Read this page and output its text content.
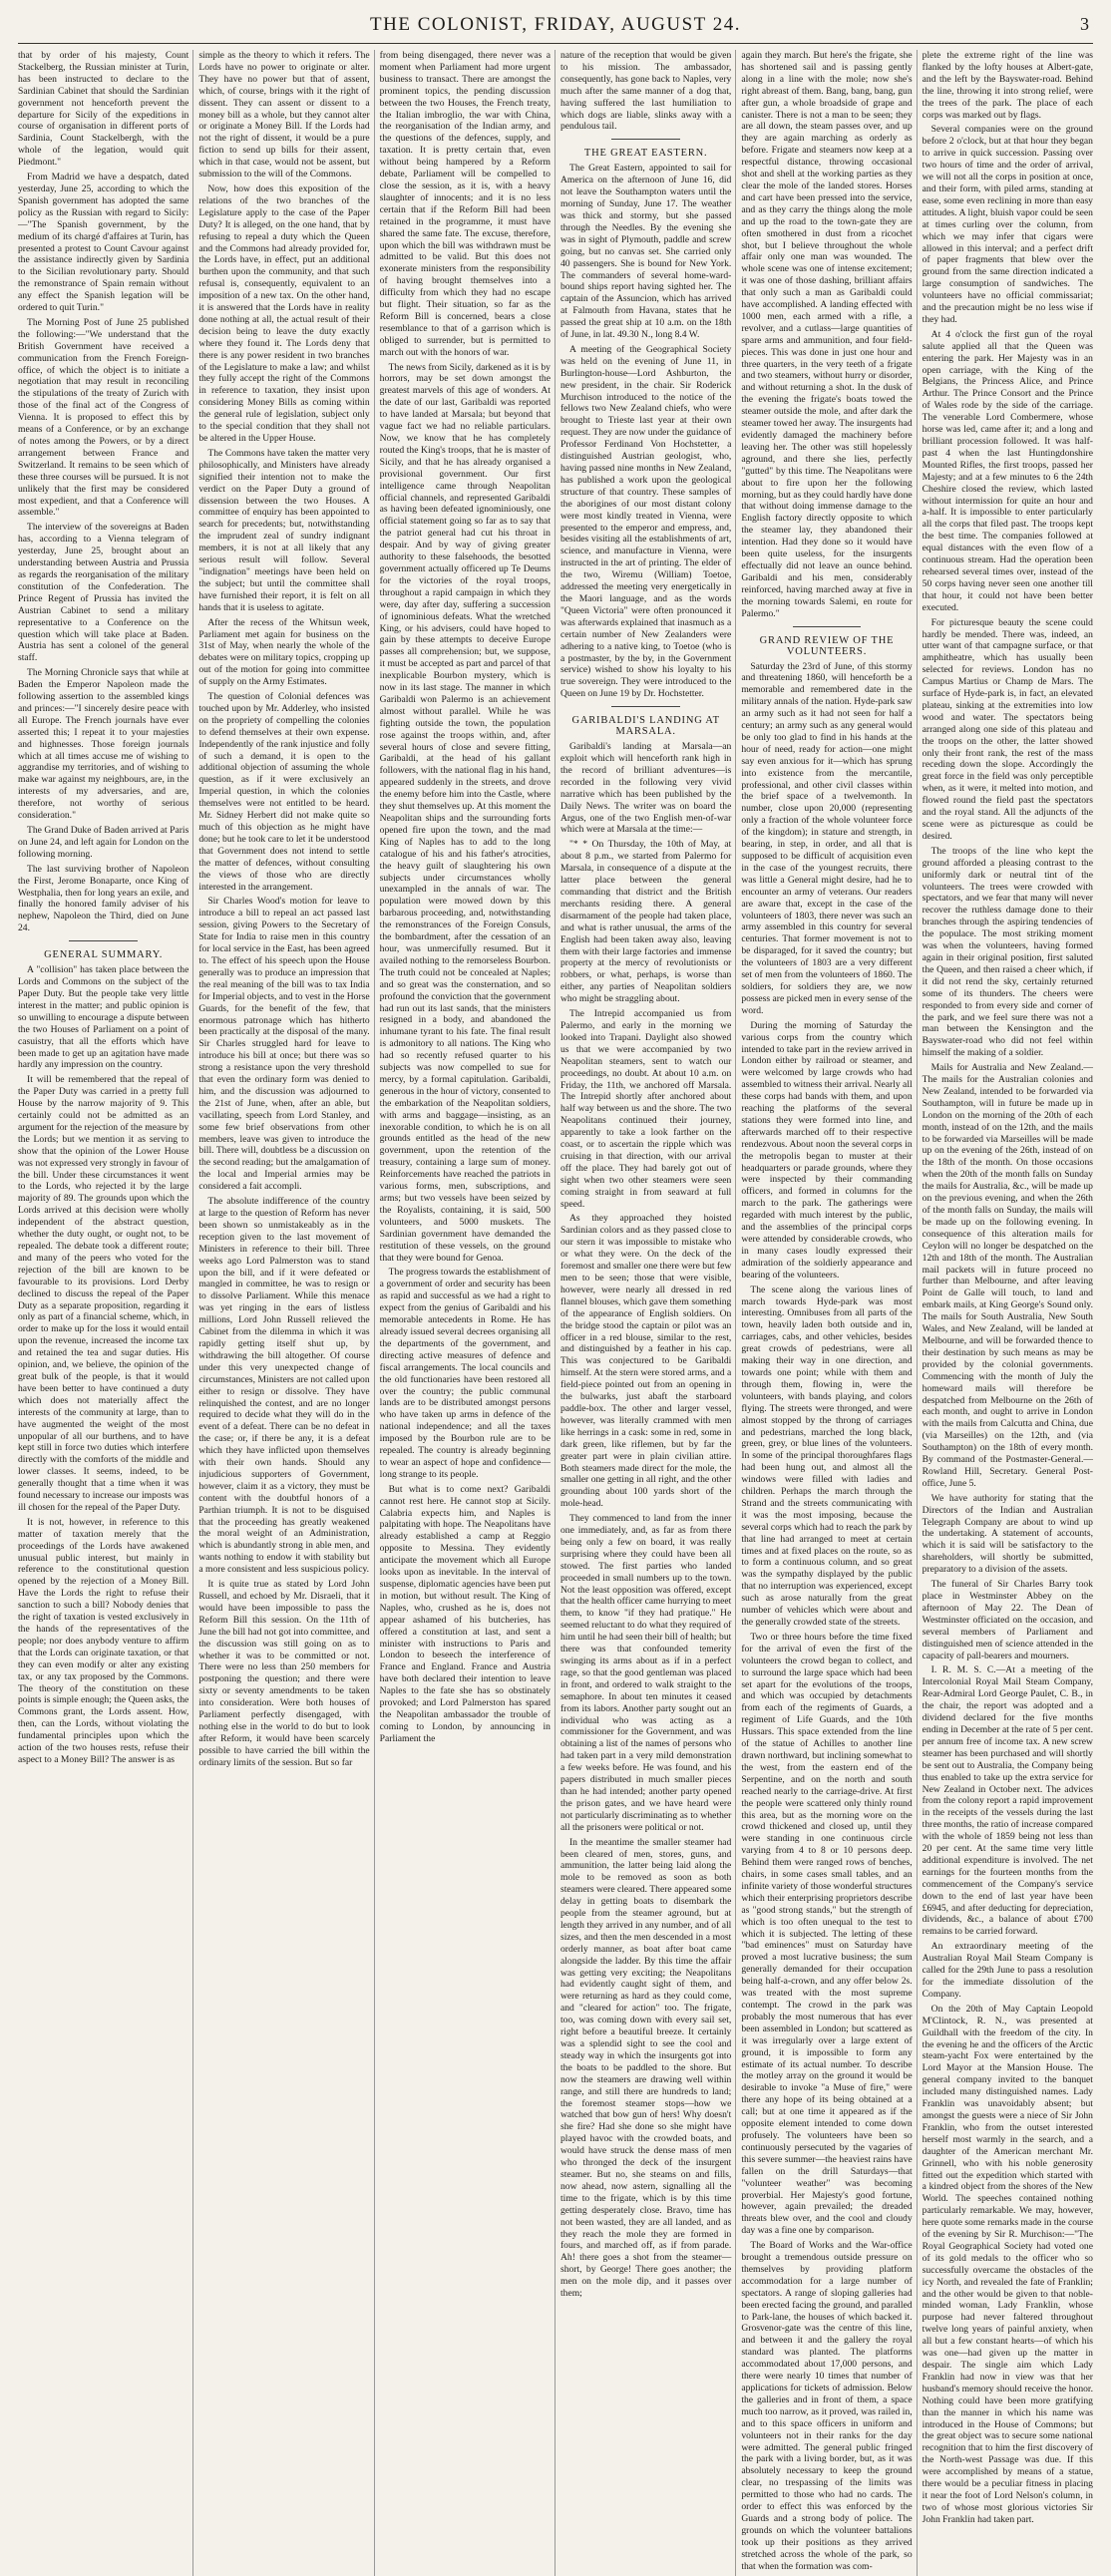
THE COLONIST, FRIDAY, AUGUST 24.	3

that by order of his majesty, Count Stackelberg, the Russian minister at Turin, has been instructed to declare to the Sardinian Cabinet that should the Sardinian government not henceforth prevent the departure for Sicily of the expeditions in course of organisation in different ports of Sardinia, Count Stackelbergh, with the whole of the legation, would quit Piedmont."

From Madrid we have a despatch, dated yesterday, June 25, according to which the Spanish government has adopted the same policy as the Russian with regard to Sicily:—"The Spanish government, by the medium of its chargé d'affaires at Turin, has presented a protest to Count Cavour against the assistance indirectly given by Sardinia to the Sicilian revolutionary party. Should the remonstrance of Spain remain without any effect the Spanish legation will be ordered to quit Turin."

The Morning Post of June 25 published the following:—"We understand that the British Government have received a communication from the French Foreign-office, of which the object is to initiate a negotiation that may result in reconciling the stipulations of the treaty of Zurich with those of the final act of the Congress of Vienna. It is proposed to effect this by means of a Conference, or by an exchange of notes among the Powers, or by a direct arrangement between France and Switzerland. It remains to be seen which of these three courses will be pursued. It is not unlikely that the first may be considered most expedient, and that a Conference will assemble."

The interview of the sovereigns at Baden has, according to a Vienna telegram of yesterday, June 25, brought about an understanding between Austria and Prussia as regards the reorganisation of the military constitution of the Confederation. The Prince Regent of Prussia has invited the Austrian Cabinet to send a military representative to a Conference on the question which will take place at Baden. Austria has sent a colonel of the general staff.

The Morning Chronicle says that while at Baden the Emperor Napoleon made the following assertion to the assembled kings and princes:—"I sincerely desire peace with all Europe. The French journals have ever asserted this; I repeat it to your majesties and highnesses. Those foreign journals which at all times accuse me of wishing to aggrandise my territories, and of wishing to make war against my neighbours, are, in the interests of my adversaries, and are, therefore, not worthy of serious consideration."

The Grand Duke of Baden arrived at Paris on June 24, and left again for London on the following morning.

The last surviving brother of Napoleon the First, Jerome Bonaparte, once King of Westphalia, then for long years an exile, and finally the honored family adviser of his nephew, Napoleon the Third, died on June 24.

GENERAL SUMMARY.

A "collision" has taken place between the Lords and Commons on the subject of the Paper Duty. But the people take very little interest in the matter; and public opinion is so unwilling to encourage a dispute between the two Houses of Parliament on a point of casuistry, that all the efforts which have been made to get up an agitation have made hardly any impression on the country.

It will be remembered that the repeal of the Paper Duty was carried in a pretty full House by the narrow majority of 9. This certainly could not be admitted as an argument for the rejection of the measure by the Lords; but we mention it as serving to show that the opinion of the Lower House was not expressed very strongly in favour of the bill. Under these circumstances it went to the Lords, who rejected it by the large majority of 89. The grounds upon which the Lords arrived at this decision were wholly independent of the abstract question, whether the duty ought, or ought not, to be repealed. The debate took a different route; and many of the peers who voted for the rejection of the bill are known to be favourable to its provisions. Lord Derby declined to discuss the repeal of the Paper Duty as a separate proposition, regarding it only as part of a financial scheme, which, in order to make up for the loss it would entail upon the revenue, increased the income tax and retained the tea and sugar duties. His opinion, and, we believe, the opinion of the great bulk of the people, is that it would have been better to have continued a duty which does not materially affect the interests of the community at large, than to have augmented the weight of the most unpopular of all our burthens, and to have kept still in force two duties which interfere directly with the comforts of the middle and lower classes. It seems, indeed, to be generally thought that a time when it was found necessary to increase our imposts was ill chosen for the repeal of the Paper Duty.

It is not, however, in reference to this matter of taxation merely that the proceedings of the Lords have awakened unusual public interest, but mainly in reference to the constitutional question opened by the rejection of a Money Bill. Have the Lords the right to refuse their sanction to such a bill? Nobody denies that the right of taxation is vested exclusively in the hands of the representatives of the people; nor does anybody venture to affirm that the Lords can originate taxation, or that they can even modify or alter any existing tax, or any tax proposed by the Commons. The theory of the constitution on these points is simple enough; the Queen asks, the Commons grant, the Lords assent. How, then, can the Lords, without violating the fundamental principles upon which the action of the two houses rests, refuse their aspect to a Money Bill? The answer is as

simple as the theory to which it refers. The Lords have no power to originate or alter. They have no power but that of assent, which, of course, brings with it the right of dissent. They can assent or dissent to a money bill as a whole, but they cannot alter or originate a Money Bill. If the Lords had not the right of dissent, it would be a pure fiction to send up bills for their assent, which in that case, would not be assent, but submission to the will of the Commons.

Now, how does this exposition of the relations of the two branches of the Legislature apply to the case of the Paper Duty? It is alleged, on the one hand, that by refusing to repeal a duty which the Queen and the Commons had already provided for, the Lords have, in effect, put an additional burthen upon the community, and that such refusal is, consequently, equivalent to an imposition of a new tax. On the other hand, it is answered that the Lords have in reality done nothing at all, the actual result of their decision being to leave the duty exactly where they found it. The Lords deny that there is any power resident in two branches of the Legislature to make a law; and whilst they fully accept the right of the Commons in reference to taxation, they insist upon considering Money Bills as coming within the general rule of legislation, subject only to the special condition that they shall not be altered in the Upper House.

The Commons have taken the matter very philosophically, and Ministers have already signified their intention not to make the verdict on the Paper Duty a ground of dissension between the two Houses. A committee of enquiry has been appointed to search for precedents; but, notwithstanding the imprudent zeal of sundry indignant members, it is not at all likely that any serious result will follow. Several "indignation" meetings have been held on the subject; but until the committee shall have furnished their report, it is felt on all hands that it is useless to agitate.

After the recess of the Whitsun week, Parliament met again for business on the 31st of May, when nearly the whole of the debates were on military topics, cropping up out of the motion for going into committee of supply on the Army Estimates.

The question of Colonial defences was touched upon by Mr. Adderley, who insisted on the propriety of compelling the colonies to defend themselves at their own expense. Independently of the rank injustice and folly of such a demand, it is open to the additional objection of assuming the whole question, as if it were exclusively an Imperial question, in which the colonies themselves were not entitled to be heard. Mr. Sidney Herbert did not make quite so much of this objection as he might have done; but he took care to let it be understood that Government does not intend to settle the matter of defences, without consulting the views of those who are directly interested in the arrangement.

Sir Charles Wood's motion for leave to introduce a bill to repeal an act passed last session, giving Powers to the Secretary of State for India to raise men in this country for local service in the East, has been agreed to. The effect of his speech upon the House generally was to produce an impression that the real meaning of the bill was to tax India for Imperial objects, and to vest in the Horse Guards, for the benefit of the few, that enormous patronage which has hitherto been practically at the disposal of the many. Sir Charles struggled hard for leave to introduce his bill at once; but there was so strong a resistance upon the very threshold that even the ordinary form was denied to him, and the discussion was adjourned to the 21st of June, when, after an able, but vacillating, speech from Lord Stanley, and some few brief observations from other members, leave was given to introduce the bill. There will, doubtless be a discussion on the second reading; but the amalgamation of the local and Imperial armies may be considered a fait accompli.

The absolute indifference of the country at large to the question of Reform has never been shown so unmistakeably as in the reception given to the last movement of Ministers in reference to their bill. Three weeks ago Lord Palmerston was to stand upon the bill, and if it were defeated or mangled in committee, he was to resign or to dissolve Parliament. While this menace was yet ringing in the ears of listless millions, Lord John Russell relieved the Cabinet from the dilemma in which it was rapidly getting itself shut up, by withdrawing the bill altogether. Of course under this very unexpected change of circumstances, Ministers are not called upon either to resign or dissolve. They have relinquished the contest, and are no longer required to decide what they will do in the event of a defeat. There can be no defeat in the case; or, if there be any, it is a defeat which they have inflicted upon themselves with their own hands. Should any injudicious supporters of Government, however, claim it as a victory, they must be content with the doubtful honors of a Parthian triumph. It is not to be disguised that the proceeding has greatly weakened the moral weight of an Administration, which is abundantly strong in able men, and wants nothing to endow it with stability but a more consistent and less suspicious policy.

It is quite true as stated by Lord John Russell, and echoed by Mr. Disraeli, that it would have been impossible to pass the Reform Bill this session. On the 11th of June the bill had not got into committee, and the discussion was still going on as to whether it was to be committed or not. There were no less than 250 members for postponing the question; and there were sixty or seventy amendments to be taken into consideration. Were both houses of Parliament perfectly disengaged, with nothing else in the world to do but to look after Reform, it would have been scarcely possible to have carried the bill within the ordinary limits of the session. But so far

from being disengaged, there never was a moment when Parliament had more urgent business to transact. There are amongst the prominent topics, the pending discussion between the two Houses, the French treaty, the Italian imbroglio, the war with China, the reorganisation of the Indian army, and the questions of the defences, supply, and taxation. It is pretty certain that, even without being hampered by a Reform debate, Parliament will be compelled to close the session, as it is, with a heavy slaughter of innocents; and it is no less certain that if the Reform Bill had been retained in the programme, it must have shared the same fate. The excuse, therefore, upon which the bill was withdrawn must be admitted to be valid. But this does not exonerate ministers from the responsibility of having brought themselves into a difficulty from which they had no escape but flight. Their situation, so far as the Reform Bill is concerned, bears a close resemblance to that of a garrison which is obliged to surrender, but is permitted to march out with the honors of war.

The news from Sicily, darkened as it is by horrors, may be set down amongst the greatest marvels of this age of wonders. At the date of our last, Garibaldi was reported to have landed at Marsala; but beyond that vague fact we had no reliable particulars. Now, we know that he has completely routed the King's troops, that he is master of Sicily, and that he has already organised a provisional government. Our first intelligence came through Neapolitan official channels, and represented Garibaldi as having been defeated ignominiously, one official statement going so far as to say that the patriot general had cut his throat in despair. And by way of giving greater authority to these falsehoods, the besotted government actually officered up Te Deums for the victories of the royal troops, throughout a rapid campaign in which they were, day after day, suffering a succession of ignominious defeats. What the wretched King, or his advisers, could have hoped to gain by these attempts to deceive Europe passes all comprehension; but, we suppose, it must be accepted as part and parcel of that inexplicable Bourbon mystery, which is now in its last stage. The manner in which Garibaldi won Palermo is an achievement almost without parallel. While he was fighting outside the town, the population rose against the troops within, and, after several hours of close and severe fitting, Garibaldi, at the head of his gallant followers, with the national flag in his hand, appeared suddenly in the streets, and drove the enemy before him into the Castle, where they shut themselves up. At this moment the Neapolitan ships and the surrounding forts opened fire upon the town, and the mad King of Naples has to add to the long catalogue of his and his father's atrocities, the heavy guilt of slaughtering his own subjects under circumstances wholly unexampled in the annals of war. The population were mowed down by this barbarous proceeding, and, notwithstanding the remonstrances of the Foreign Consuls, the bombardment, after the cessation of an hour, was unmercifully resumed. But it availed nothing to the remorseless Bourbon. The truth could not be concealed at Naples; and so great was the consternation, and so profound the conviction that the government had run out its last sands, that the ministers resigned in a body, and abandoned the inhumane tyrant to his fate. The final result is admonitory to all nations. The King who had so recently refused quarter to his subjects was now compelled to sue for mercy, by a formal capitulation. Garibaldi, generous in the hour of victory, consented to the embarkation of the Neapolitan soldiers, with arms and baggage—insisting, as an inexorable condition, to which he is on all grounds entitled as the head of the new government, upon the retention of the treasury, containing a large sum of money. Reinforcements have reached the patriots in various forms, men, subscriptions, and arms; but two vessels have been seized by the Royalists, containing, it is said, 500 volunteers, and 5000 muskets. The Sardinian government have demanded the restitution of these vessels, on the ground that they were bound for Genoa.

The progress towards the establishment of a government of order and security has been as rapid and successful as we had a right to expect from the genius of Garibaldi and his memorable antecedents in Rome. He has already issued several decrees organising all the departments of the government, and directing active measures of defence and fiscal arrangements. The local councils and the old functionaries have been restored all over the country; the public communal lands are to be distributed amongst persons who have taken up arms in defence of the national independence; and all the taxes imposed by the Bourbon rule are to be repealed. The country is already beginning to wear an aspect of hope and confidence—long strange to its people.

But what is to come next? Garibaldi cannot rest here. He cannot stop at Sicily. Calabria expects him, and Naples is palpitating with hope. The Neapolitans have already established a camp at Reggio opposite to Messina. They evidently anticipate the movement which all Europe looks upon as inevitable. In the interval of suspense, diplomatic agencies have been put in motion, but without result. The King of Naples, who, crushed as he is, does not appear ashamed of his butcheries, has offered a constitution at last, and sent a minister with instructions to Paris and London to beseech the interference of France and England. France and Austria have both declared their intention to leave Naples to the fate she has so obstinately provoked; and Lord Palmerston has spared the Neapolitan ambassador the trouble of coming to London, by announcing in Parliament the

nature of the reception that would be given to his mission. The ambassador, consequently, has gone back to Naples, very much after the same manner of a dog that, having suffered the last humiliation to which dogs are liable, slinks away with a pendulous tail.

THE GREAT EASTERN.

The Great Eastern, appointed to sail for America on the afternoon of June 16, did not leave the Southampton waters until the morning of Sunday, June 17. The weather was thick and stormy, but she passed through the Needles. By the evening she was in sight of Plymouth, paddle and screw going, but no canvas set. She carried only 40 passengers. She is bound for New York. The commanders of several home-ward-bound ships report having sighted her. The captain of the Assuncion, which has arrived at Falmouth from Havana, states that he passed the great ship at 10 a.m. on the 18th of June, in lat. 49.30 N., long 8.4 W.

A meeting of the Geographical Society was held on the evening of June 11, in Burlington-house—Lord Ashburton, the new president, in the chair. Sir Roderick Murchison introduced to the notice of the fellows two New Zealand chiefs, who were brought to Trieste last year at their own request. They are now under the guidance of Professor Ferdinand Von Hochstetter, a distinguished Austrian geologist, who, having passed nine months in New Zealand, has published a work upon the geological structure of that country. These samples of the aborigines of our most distant colony were most kindly treated in Vienna, were presented to the emperor and empress, and, besides visiting all the establishments of art, science, and manufacture in Vienna, were instructed in the art of printing. The elder of the two, Wiremu (William) Toetoe, addressed the meeting very energetically in the Maori language, and as the words "Queen Victoria" were often pronounced it was afterwards explained that inasmuch as a certain number of New Zealanders were adhering to a native king, to Toetoe (who is a postmaster, by the by, in the Government service) wished to show his loyalty to his true sovereign. They were introduced to the Queen on June 19 by Dr. Hochstetter.

GARIBALDI'S LANDING AT MARSALA.

Garibaldi's landing at Marsala—an exploit which will henceforth rank high in the record of brilliant adventures—is recorded in the following very vivid narrative which has been published by the Daily News. The writer was on board the Argus, one of the two English men-of-war which were at Marsala at the time:—

"* * On Thursday, the 10th of May, at about 8 p.m., we started from Palermo for Marsala, in consequence of a dispute at the latter place between the general commanding that district and the British merchants residing there. A general disarmament of the people had taken place, and what is rather unusual, the arms of the English had been taken away also, leaving them with their large factories and immense property at the mercy of revolutionists or robbers, or what, perhaps, is worse than either, any parties of Neapolitan soldiers who might be straggling about.

The Intrepid accompanied us from Palermo, and early in the morning we looked into Trapani. Daylight also showed us that we were accompanied by two Neapolitan steamers, sent to watch our proceedings, no doubt. At about 10 a.m. on Friday, the 11th, we anchored off Marsala. The Intrepid shortly after anchored about half way between us and the shore. The two Neapolitans continued their journey, apparently to take a look farther on the coast, or to ascertain the ripple which was cruising in that direction, with our arrival off the place. They had barely got out of sight when two other steamers were seen coming straight in from seaward at full speed.

As they approached they hoisted Sardinian colors and as they passed close to our stern it was impossible to mistake who or what they were. On the deck of the foremost and smaller one there were but few men to be seen; those that were visible, however, were nearly all dressed in red flannel blouses, which gave them something of the appearance of English soldiers. On the bridge stood the captain or pilot was an officer in a red blouse, similar to the rest, and distinguished by a feather in his cap. This was conjectured to be Garibaldi himself. At the stern were stored arms, and a field-piece pointed out from an opening in the bulwarks, just abaft the starboard paddle-box. The other and larger vessel, however, was literally crammed with men like herrings in a cask: some in red, some in dark green, like riflemen, but by far the greater part were in plain civilian attire. Both steamers made direct for the mole, the smaller one getting in all right, and the other grounding about 100 yards short of the mole-head.

They commenced to land from the inner one immediately, and, as far as from there being only a few on board, it was really surprising where they could have been all stowed. The first parties who landed proceeded in small numbers up to the town. Not the least opposition was offered, except that the health officer came hurrying to meet them, to know "if they had pratique." He seemed reluctant to do what they required of him until he had seen their bill of health; but there was that confounded temerity swinging its arms about as if in a perfect rage, so that the good gentleman was placed in front, and ordered to walk straight to the semaphore. In about ten minutes it ceased from its labors. Another party sought out an individual who was acting as a commissioner for the Government, and was obtaining a list of the names of persons who had taken part in a very mild demonstration a few weeks before. He was found, and his papers distributed in much smaller pieces than he had intended; another party opened the prison gates, and we have heard were not particularly discriminating as to whether all the prisoners were political or not.

In the meantime the smaller steamer had been cleared of men, stores, guns, and ammunition, the latter being laid along the mole to be removed as soon as both steamers were cleared. There appeared some delay in getting boats to disembark the people from the steamer aground, but at length they arrived in any number, and of all sizes, and then the men descended in a most orderly manner, as boat after boat came alongside the ladder. By this time the affair was getting very exciting; the Neapolitans had evidently caught sight of them, and were returning as hard as they could come, and "cleared for action" too. The frigate, too, was coming down with every sail set, right before a beautiful breeze. It certainly was a splendid sight to see the cool and steady way in which the insurgents got into the boats to be paddled to the shore. But now the steamers are drawing well within range, and still there are hundreds to land; the foremost steamer stops—how we watched that bow gun of hers! Why doesn't she fire? Had she done so she might have played havoc with the crowded boats, and would have struck the dense mass of men who thronged the deck of the insurgent steamer. But no, she steams on and fills, now ahead, now astern, signalling all the time to the frigate, which is by this time getting desperately close. Bravo, time has not been wasted, they are all landed, and as they reach the mole they are formed in fours, and marched off, as if from parade. Ah! there goes a shot from the steamer—short, by George! There goes another; the men on the mole dip, and it passes over them;

again they march. But here's the frigate, she has shortened sail and is passing gently along in a line with the mole; now she's right abreast of them. Bang, bang, bang, gun after gun, a whole broadside of grape and canister. There is not a man to be seen; they are all down, the steam passes over, and up they are again marching as orderly as before. Frigate and steamers now keep at a respectful distance, throwing occasional shot and shell at the working parties as they clear the mole of the landed stores. Horses and cart have been pressed into the service, and as they carry the things along the mole and up the road to the town-gate they are often smothered in dust from a ricochet shot, but I believe throughout the whole affair only one man was wounded. The whole scene was one of intense excitement; it was one of those dashing, brilliant affairs that only such a man as Garibaldi could have accomplished. A landing effected with 1000 men, each armed with a rifle, a revolver, and a cutlass—large quantities of spare arms and ammunition, and four field-pieces. This was done in just one hour and three quarters, in the very teeth of a frigate and two steamers, without hurry or disorder, and without returning a shot. In the dusk of the evening the frigate's boats towed the steamer outside the mole, and after dark the steamer towed her away. The insurgents had evidently damaged the machinery before leaving her. The other was still hopelessly aground, and there she lies, perfectly "gutted" by this time. The Neapolitans were about to fire upon her the following morning, but as they could hardly have done that without doing immense damage to the English factory directly opposite to which the steamer lay, they abandoned their intention. Had they done so it would have been quite useless, for the insurgents effectually did not leave an ounce behind. Garibaldi and his men, considerably reinforced, having marched away at five in the morning towards Salemi, en route for Palermo."

GRAND REVIEW OF THE VOLUNTEERS.

Saturday the 23rd of June, of this stormy and threatening 1860, will henceforth be a memorable and remembered date in the military annals of the nation. Hyde-park saw an army such as it had not seen for half a century; an army such as any general would be only too glad to find in his hands at the hour of need, ready for action—one might say even anxious for it—which has sprung into existence from the mercantile, professional, and other civil classes within the brief space of a twelvemonth. In number, close upon 20,000 (representing only a fraction of the whole volunteer force of the kingdom); in stature and strength, in bearing, in step, in order, and all that is supposed to be difficult of acquisition even in the case of the youngest recruits, there was little a General might desire, had he to encounter an army of veterans. Our readers are aware that, except in the case of the volunteers of 1803, there never was such an army assembled in this country for several centuries. That former movement is not to be disparaged, for it saved the country; but the volunteers of 1803 are a very different set of men from the volunteers of 1860. The soldiers, for soldiers they are, we now possess are picked men in every sense of the word.

During the morning of Saturday the various corps from the country which intended to take part in the review arrived in London either by railroad or steamer, and were welcomed by large crowds who had assembled to witness their arrival. Nearly all these corps had bands with them, and upon reaching the platforms of the several stations they were formed into line, and afterwards marched off to their respective rendezvous. About noon the several corps in the metropolis began to muster at their headquarters or parade grounds, where they were inspected by their commanding officers, and formed in columns for the march to the park. The gatherings were regarded with much interest by the public, and the assemblies of the principal corps were attended by considerable crowds, who in many cases loudly expressed their admiration of the soldierly appearance and bearing of the volunteers.

The scene along the various lines of march towards Hyde-park was most interesting. Omnibuses from all parts of the town, heavily laden both outside and in, carriages, cabs, and other vehicles, besides great crowds of pedestrians, were all making their way in one direction, and towards one point; while with them and through them, flowing in, were the volunteers, with bands playing, and colors flying. The streets were thronged, and were almost stopped by the throng of carriages and pedestrians, marched the long black, green, grey, or blue lines of the volunteers. In some of the principal thoroughfares flags had been hung out, and almost all the windows were filled with ladies and children. Perhaps the march through the Strand and the streets communicating with it was the most imposing, because the several corps which had to reach the park by that line had arranged to meet at certain times and at fixed places on the route, so as to form a continuous column, and so great was the sympathy displayed by the public that no interruption was experienced, except such as arose naturally from the great number of vehicles which were about and the generally crowded state of the streets.

Two or three hours before the time fixed for the arrival of even the first of the volunteers the crowd began to collect, and to surround the large space which had been set apart for the evolutions of the troops, and which was occupied by detachments from each of the regiments of Guards, a regiment of Life Guards, and the 10th Hussars. This space extended from the line of the statue of Achilles to another line drawn northward, but inclining somewhat to the west, from the eastern end of the Serpentine, and on the north and south reached nearly to the carriage-drive. At first the people were scattered only thinly round this area, but as the morning wore on the crowd thickened and closed up, until they were standing in one continuous circle varying from 4 to 8 or 10 persons deep. Behind them were ranged rows of benches, chairs, in some cases small tables, and an infinite variety of those wonderful structures which their enterprising proprietors describe as "good strong stands," but the strength of which is too often unequal to the test to which it is subjected. The letting of these "bad eminences" must on Saturday have proved a most lucrative business; the sum generally demanded for their occupation being half-a-crown, and any offer below 2s. was treated with the most supreme contempt. The crowd in the park was probably the most numerous that has ever been assembled in London; but scattered as it was irregularly over a large extent of ground, it is impossible to form any estimate of its actual number. To describe the motley array on the ground it would be desirable to invoke "a Muse of fire," were there any hope of its being obtained at a call; but at one time it appeared as if the opposite element intended to come down profusely. The volunteers have been so continuously persecuted by the vagaries of this severe summer—the heaviest rains have fallen on the drill Saturdays—that "volunteer weather" was becoming proverbial. Her Majesty's good fortune, however, again prevailed; the dreaded threats blew over, and the cool and cloudy day was a fine one by comparison.

The Board of Works and the War-office brought a tremendous outside pressure on themselves by providing platform accommodation for a large number of spectators. A range of sloping galleries had been erected facing the ground, and paralled to Park-lane, the houses of which backed it. Grosvenor-gate was the centre of this line, and between it and the gallery the royal standard was planted. The platforms accommodated about 17,000 persons, and there were nearly 10 times that number of applications for tickets of admission. Below the galleries and in front of them, a space much too narrow, as it proved, was railed in, and to this space officers in uniform and volunteers not in their ranks for the day were admitted. The general public fringed the park with a living border, but, as it was absolutely necessary to keep the ground clear, no trespassing of the limits was permitted to those who had no cards. The order to effect this was enforced by the Guards and a strong body of police. The grounds on which the volunteer battalions took up their positions as they arrived stretched across the whole of the park, so that when the formation was com-

plete the extreme right of the line was flanked by the lofty houses at Albert-gate, and the left by the Bayswater-road. Behind the line, throwing it into strong relief, were the trees of the park. The place of each corps was marked out by flags.

Several companies were on the ground before 2 o'clock, but at that hour they began to arrive in quick succession. Passing over two hours of time and the order of arrival, we will not all the corps in position at once, and their form, with piled arms, standing at ease, some even reclining in more than easy attitudes. A light, bluish vapor could be seen at times curling over the column, from which we may infer that cigars were allowed in this interval; and a perfect drift of paper fragments that blew over the ground from the same direction indicated a large consumption of sandwiches. The volunteers have no official commissariat; and the precaution might be no less wise if they had.

At 4 o'clock the first gun of the royal salute applied all that the Queen was entering the park. Her Majesty was in an open carriage, with the King of the Belgians, the Princess Alice, and Prince Arthur. The Prince Consort and the Prince of Wales rode by the side of the carriage. The venerable Lord Combermere, whose horse was led, came after it; and a long and brilliant procession followed. It was half-past 4 when the last Huntingdonshire Mounted Rifles, the first troops, passed her Majesty; and at a few minutes to 6 the 24th Cheshire closed the review, which lasted without intermission for quite an hour and a-half. It is impossible to enter particularly all the corps that filed past. The troops kept the best time. The companies followed at equal distances with the even flow of a continuous stream. Had the operation been rehearsed several times over, instead of the 50 corps having never seen one another till that hour, it could not have been better executed.

For picturesque beauty the scene could hardly be mended. There was, indeed, an utter want of that campagne surface, or that amphitheatre, which has usually been selected for reviews. London has no Campus Martius or Champ de Mars. The surface of Hyde-park is, in fact, an elevated plateau, sinking at the extremities into low wood and water. The spectators being arranged along one side of this plateau and the troops on the other, the latter showed only their front rank, the rest of the mass receding down the slope. Accordingly the great force in the field was only perceptible when, as it were, it melted into motion, and flowed round the field past the spectators and the royal stand. All the adjuncts of the scene were as picturesque as could be desired.

The troops of the line who kept the ground afforded a pleasing contrast to the uniformly dark or neutral tint of the volunteers. The trees were crowded with spectators, and we fear that many will never recover the ruthless damage done to their branches through the aspiring tendencies of the populace. The most striking moment was when the volunteers, having formed again in their original position, first saluted the Queen, and then raised a cheer which, if it did not rend the sky, certainly returned some of its thunders. The cheers were responded to from every side and corner of the park, and we feel sure there was not a man between the Kensington and the Bayswater-road who did not feel within himself the making of a soldier.

Mails for Australia and New Zealand.—The mails for the Australian colonies and New Zealand, intended to be forwarded via Southampton, will in future be made up in London on the morning of the 20th of each month, instead of on the 12th, and the mails to be forwarded via Marseilles will be made up on the evening of the 26th, instead of on the 18th of the month. On those occasions when the 20th of the month falls on Sunday the mails for Australia, &c., will be made up on the previous evening, and when the 26th of the month falls on Sunday, the mails will be made up on the following evening. In consequence of this alteration mails for Ceylon will no longer be despatched on the 12th and 18th of the month. The Australian mail packets will in future proceed no further than Melbourne, and after leaving Point de Galle will touch, to land and embark mails, at King George's Sound only. The mails for South Australia, New South Wales, and New Zealand, will be landed at Melbourne, and will be forwarded thence to their destination by such means as may be provided by the colonial governments. Commencing with the month of July the homeward mails will therefore be despatched from Melbourne on the 26th of each month, and ought to arrive in London with the mails from Calcutta and China, due (via Marseilles) on the 12th, and (via Southampton) on the 18th of every month. By command of the Postmaster-General.—Rowland Hill, Secretary. General Post-office, June 5.

We have authority for stating that the Directors of the Indian and Australian Telegraph Company are about to wind up the undertaking. A statement of accounts, which it is said will be satisfactory to the shareholders, will shortly be submitted, preparatory to a division of the assets.

The funeral of Sir Charles Barry took place in Westminster Abbey on the afternoon of May 22. The Dean of Westminster officiated on the occasion, and several members of Parliament and distinguished men of science attended in the capacity of pall-bearers and mourners.

I. R. M. S. C.—At a meeting of the Intercolonial Royal Mail Steam Company, Rear-Admiral Lord George Paulet, C. B., in the chair, the report was adopted and a dividend declared for the five months ending in December at the rate of 5 per cent. per annum free of income tax. A new screw steamer has been purchased and will shortly be sent out to Australia, the Company being thus enabled to take up the extra service for New Zealand in October next. The advices from the colony report a rapid improvement in the receipts of the vessels during the last three months, the ratio of increase compared with the whole of 1859 being not less than 20 per cent. At the same time very little additional expenditure is involved. The net earnings for the fourteen months from the commencement of the Company's service down to the end of last year have been £6945, and after deducting for depreciation, dividends, &c., a balance of about £700 remains to be carried forward.

An extraordinary meeting of the Australian Royal Mail Steam Company is called for the 29th June to pass a resolution for the immediate dissolution of the Company.

On the 20th of May Captain Leopold M'Clintock, R. N., was presented at Guildhall with the freedom of the city. In the evening he and the officers of the Arctic steam-yacht Fox were entertained by the Lord Mayor at the Mansion House. The general company invited to the banquet included many distinguished names. Lady Franklin was unavoidably absent; but amongst the guests were a niece of Sir John Franklin, who from the outset interested herself most warmly in the search, and a daughter of the American merchant Mr. Grinnell, who with his noble generosity fitted out the expedition which started with a kindred object from the shores of the New World. The speeches contained nothing particularly remarkable. We may, however, here quote some remarks made in the course of the evening by Sir R. Murchison:—"The Royal Geographical Society had voted one of its gold medals to the officer who so successfully overcame the obstacles of the icy North, and revealed the fate of Franklin; and the other would be given to that noble-minded woman, Lady Franklin, whose purpose had never faltered throughout twelve long years of painful anxiety, when all but a few constant hearts—of which his was one—had given up the matter in despair. The single aim which Lady Franklin had now in view was that her husband's memory should receive the honor. Nothing could have been more gratifying than the manner in which his name was introduced in the House of Commons; but the great object was to secure some national recognition that to him the first discovery of the North-west Passage was due. If this were accomplished by means of a statue, there would be a peculiar fitness in placing it near the foot of Lord Nelson's column, in two of whose most glorious victories Sir John Franklin had taken part.
